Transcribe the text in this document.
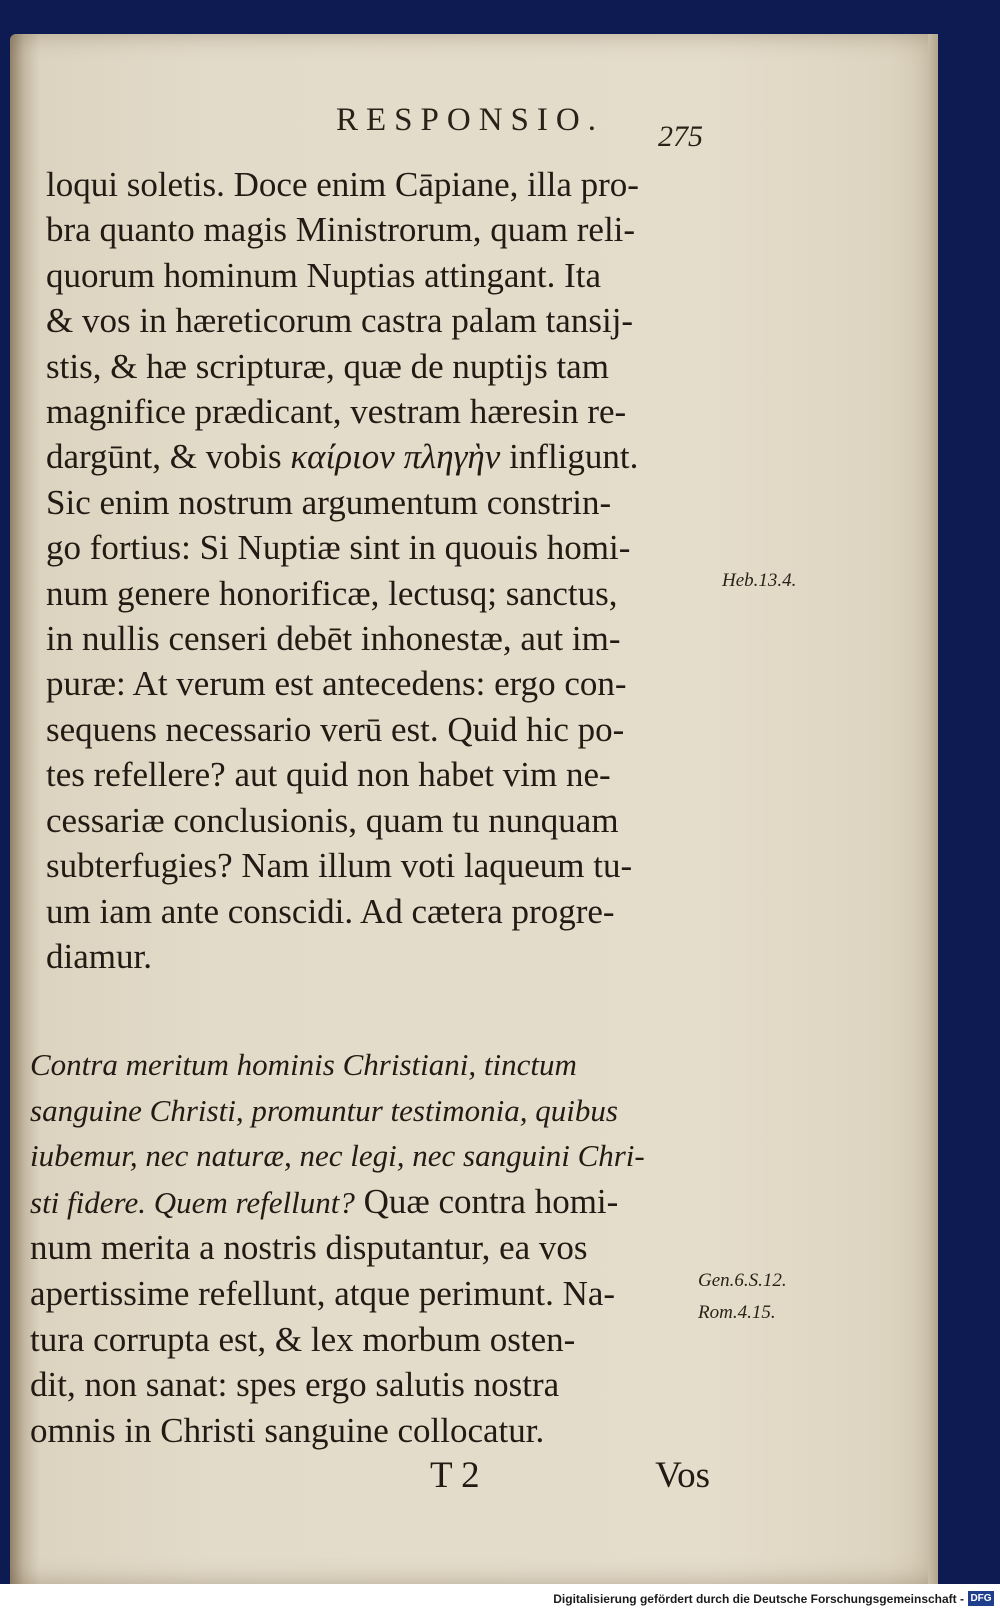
RESPONSIO.	275

loqui soletis. Doce enim Cāpiane, illa pro-
bra quanto magis Ministrorum, quam reli-
quorum hominum Nuptias attingant. Ita
& vos in hæreticorum castra palam tansij-
stis, & hæ scripturæ, quæ de nuptijs tam
magnifice prædicant, vestram hæresin re-
dargūnt, & vobis καίριον πληγὴν infligunt.
Sic enim nostrum argumentum constrin-
go fortius: Si Nuptiæ sint in quouis homi-
num genere honorificæ, lectusq; sanctus,
in nullis censeri debēt inhonestæ, aut im-
puræ: At verum est antecedens: ergo con-
sequens necessario verū est. Quid hic po-
tes refellere? aut quid non habet vim ne-
cessariæ conclusionis, quam tu nunquam
subterfugies? Nam illum voti laqueum tu-
um iam ante conscidi. Ad cætera progre-
diamur.

Contra meritum hominis Christiani, tinctum
sanguine Christi, promuntur testimonia, quibus
iubemur, nec naturæ, nec legi, nec sanguini Chri-
sti fidere. Quem refellunt? Quæ contra homi-
num merita a nostris disputantur, ea vos
apertissime refellunt, atque perimunt. Na-
tura corrupta est, & lex morbum osten-
dit, non sanat: spes ergo salutis nostra
omnis in Christi sanguine collocatur.

T 2	Vos
Heb.13.4.
Gen.6.S.12.
Rom.4.15.
Digitalisierung gefördert durch die Deutsche Forschungsgemeinschaft - DFG
